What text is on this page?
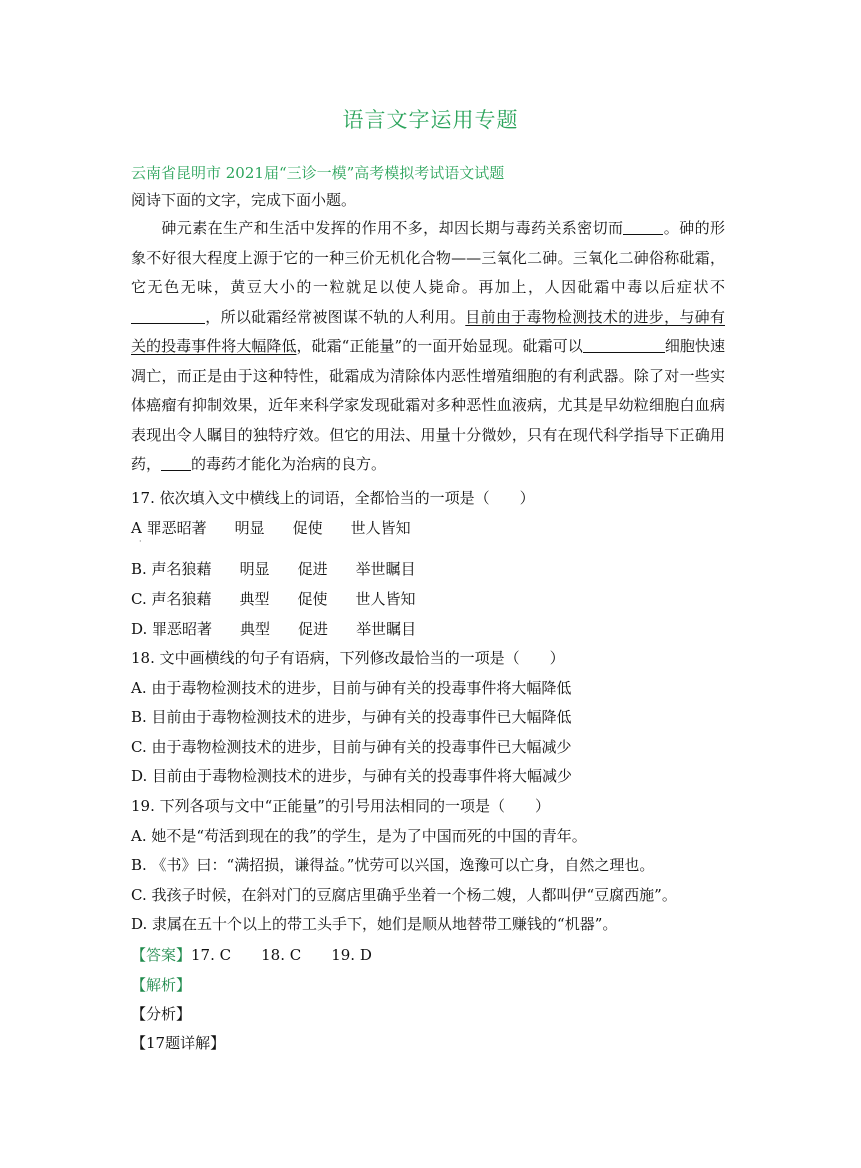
语言文字运用专题
云南省昆明市 2021届“三诊一模”高考模拟考试语文试题
阅诗下面的文字，完成下面小题。
砷元素在生产和生活中发挥的作用不多，却因长期与毒药关系密切而	。砷的形象不好很大程度上源于它的一种三价无机化合物——三氧化二砷。三氧化二砷俗称砒霜，它无色无味，黄豆大小的一粒就足以使人毙命。再加上，人因砒霜中毒以后症状不，所以砒霜经常被图谋不轨的人利用。目前由于毒物检测技术的进步，与砷有关的投毒事件将大幅降低，砒霜“正能量”的一面开始显现。砒霜可以	细胞快速凋亡，而正是由于这种特性，砒霜成为清除体内恶性增殖细胞的有利武器。除了对一些实体癌瘤有抑制效果，近年来科学家发现砒霜对多种恶性血液病，尤其是早幼粒细胞白血病表现出令人瞩目的独特疗效。但它的用法、用量十分微妙，只有在现代科学指导下正确用药， 的毒药才能化为治病的良方。
17. 依次填入文中横线上的词语，全都恰当的一项是（　　）
A 罪恶昭著 明显 促使 世人皆知
·
B. 声名狼藉 明显 促进 举世瞩目
C. 声名狼藉 典型 促使 世人皆知
D. 罪恶昭著 典型 促进 举世瞩目
18. 文中画横线的句子有语病，下列修改最恰当的一项是（　　）
A. 由于毒物检测技术的进步，目前与砷有关的投毒事件将大幅降低
B. 目前由于毒物检测技术的进步，与砷有关的投毒事件已大幅降低
C. 由于毒物检测技术的进步，目前与砷有关的投毒事件已大幅减少
D. 目前由于毒物检测技术的进步，与砷有关的投毒事件将大幅减少
19. 下列各项与文中“正能量”的引号用法相同的一项是（　　）
A. 她不是“苟活到现在的我”的学生，是为了中国而死的中国的青年。
B. 《书》曰：“满招损，谦得益。”忧劳可以兴国，逸豫可以亡身，自然之理也。
C. 我孩子时候，在斜对门的豆腐店里确乎坐着一个杨二嫂，人都叫伊“豆腐西施”。
D. 隶属在五十个以上的带工头手下，她们是顺从地替带工赚钱的“机器”。
【答案】17. C　　18. C　　19. D
【解析】
【分析】
【17题详解】
